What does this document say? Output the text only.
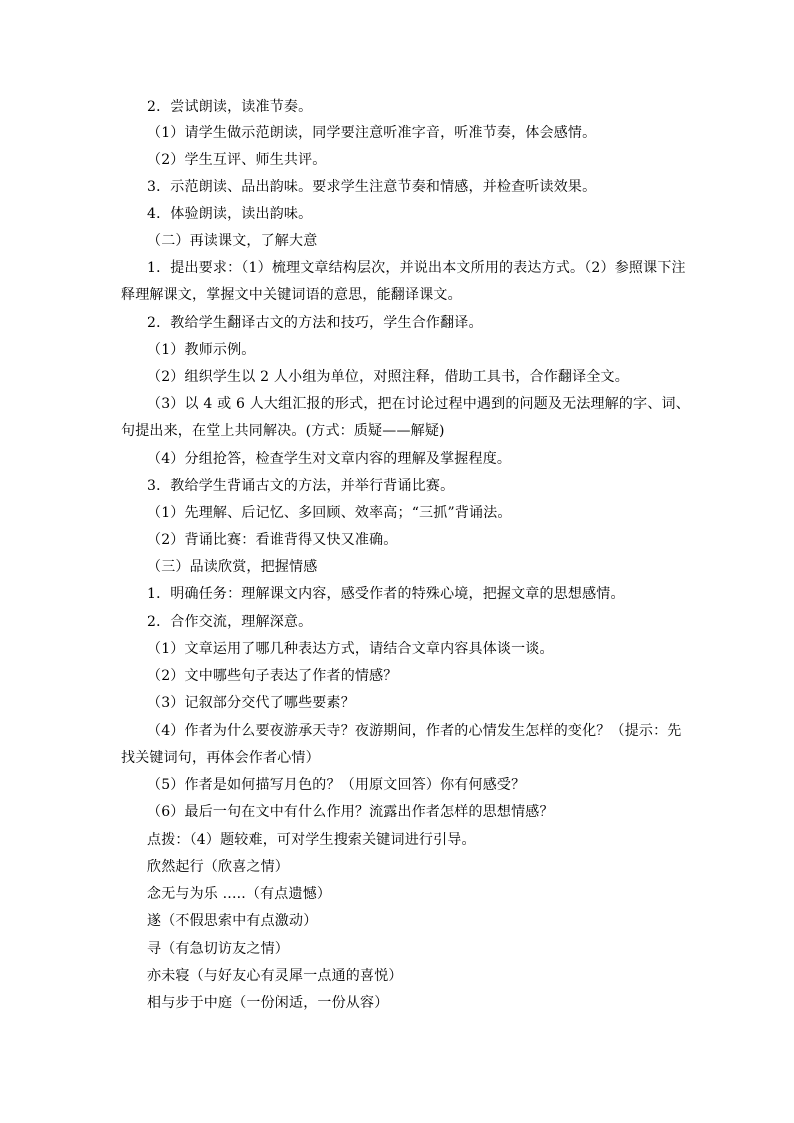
2．尝试朗读，读准节奏。
（1）请学生做示范朗读，同学要注意听准字音，听准节奏，体会感情。
（2）学生互评、师生共评。
3．示范朗读、品出韵味。要求学生注意节奏和情感，并检查听读效果。
4．体验朗读，读出韵味。
（二）再读课文，了解大意
1．提出要求：（1）梳理文章结构层次，并说出本文所用的表达方式。（2）参照课下注
释理解课文，掌握文中关键词语的意思，能翻译课文。
2．教给学生翻译古文的方法和技巧，学生合作翻译。
（1）教师示例。
（2）组织学生以 2 人小组为单位，对照注释，借助工具书，合作翻译全文。
（3）以 4 或 6 人大组汇报的形式，把在讨论过程中遇到的问题及无法理解的字、词、
句提出来，在堂上共同解决。(方式：质疑——解疑)
（4）分组抢答，检查学生对文章内容的理解及掌握程度。
3．教给学生背诵古文的方法，并举行背诵比赛。
（1）先理解、后记忆、多回顾、效率高；“三抓”背诵法。
（2）背诵比赛：看谁背得又快又准确。
（三）品读欣赏，把握情感
1．明确任务：理解课文内容，感受作者的特殊心境，把握文章的思想感情。
2．合作交流，理解深意。
（1）文章运用了哪几种表达方式，请结合文章内容具体谈一谈。
（2）文中哪些句子表达了作者的情感？
（3）记叙部分交代了哪些要素？
（4）作者为什么要夜游承天寺？夜游期间，作者的心情发生怎样的变化？（提示：先
找关键词句，再体会作者心情）
（5）作者是如何描写月色的？（用原文回答）你有何感受？
（6）最后一句在文中有什么作用？流露出作者怎样的思想情感？
点拨：（4）题较难，可对学生搜索关键词进行引导。
欣然起行（欣喜之情）
念无与为乐 .....（有点遗憾）
遂（不假思索中有点激动）
寻（有急切访友之情）
亦未寝（与好友心有灵犀一点通的喜悦）
相与步于中庭（一份闲适，一份从容）
